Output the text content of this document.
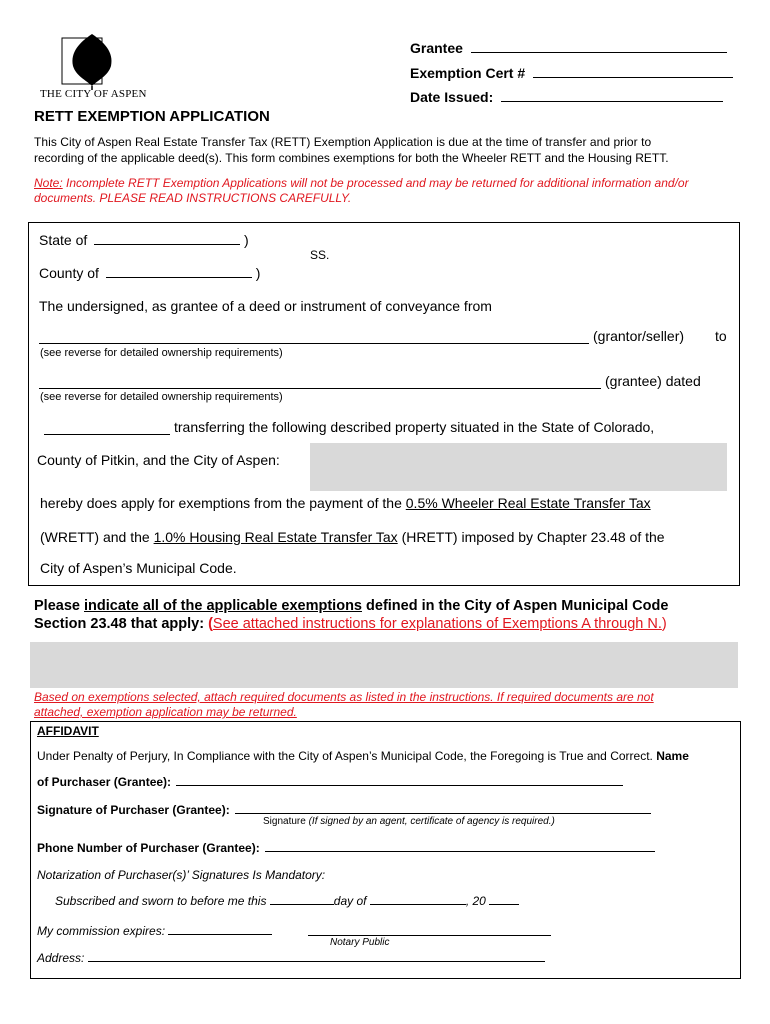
THE CITY OF ASPEN
Grantee
Exemption Cert #
Date Issued:
RETT EXEMPTION APPLICATION
This City of Aspen Real Estate Transfer Tax (RETT) Exemption Application is due at the time of transfer and prior to
recording of the applicable deed(s). This form combines exemptions for both the Wheeler RETT and the Housing RETT.
Note: Incomplete RETT Exemption Applications will not be processed and may be returned for additional information and/or
documents. PLEASE READ INSTRUCTIONS CAREFULLY.
State of	)
SS.
County of	)
The undersigned, as grantee of a deed or instrument of conveyance from
(grantor/seller) to
(see reverse for detailed ownership requirements)
(grantee) dated
(see reverse for detailed ownership requirements)
transferring the following described property situated in the State of Colorado,
County of Pitkin, and the City of Aspen:
hereby does apply for exemptions from the payment of the 0.5% Wheeler Real Estate Transfer Tax
(WRETT) and the 1.0% Housing Real Estate Transfer Tax (HRETT) imposed by Chapter 23.48 of the
City of Aspen’s Municipal Code.
Please indicate all of the applicable exemptions defined in the City of Aspen Municipal Code
Section 23.48 that apply: (See attached instructions for explanations of Exemptions A through N.)
Based on exemptions selected, attach required documents as listed in the instructions. If required documents are not
attached, exemption application may be returned.
AFFIDAVIT
Under Penalty of Perjury, In Compliance with the City of Aspen’s Municipal Code, the Foregoing is True and Correct. Name
of Purchaser (Grantee):
Signature of Purchaser (Grantee):
Signature (If signed by an agent, certificate of agency is required.)
Phone Number of Purchaser (Grantee):
Notarization of Purchaser(s)’ Signatures Is Mandatory:
Subscribed and sworn to before me this	day of	, 20
My commission expires:
Notary Public
Address:
